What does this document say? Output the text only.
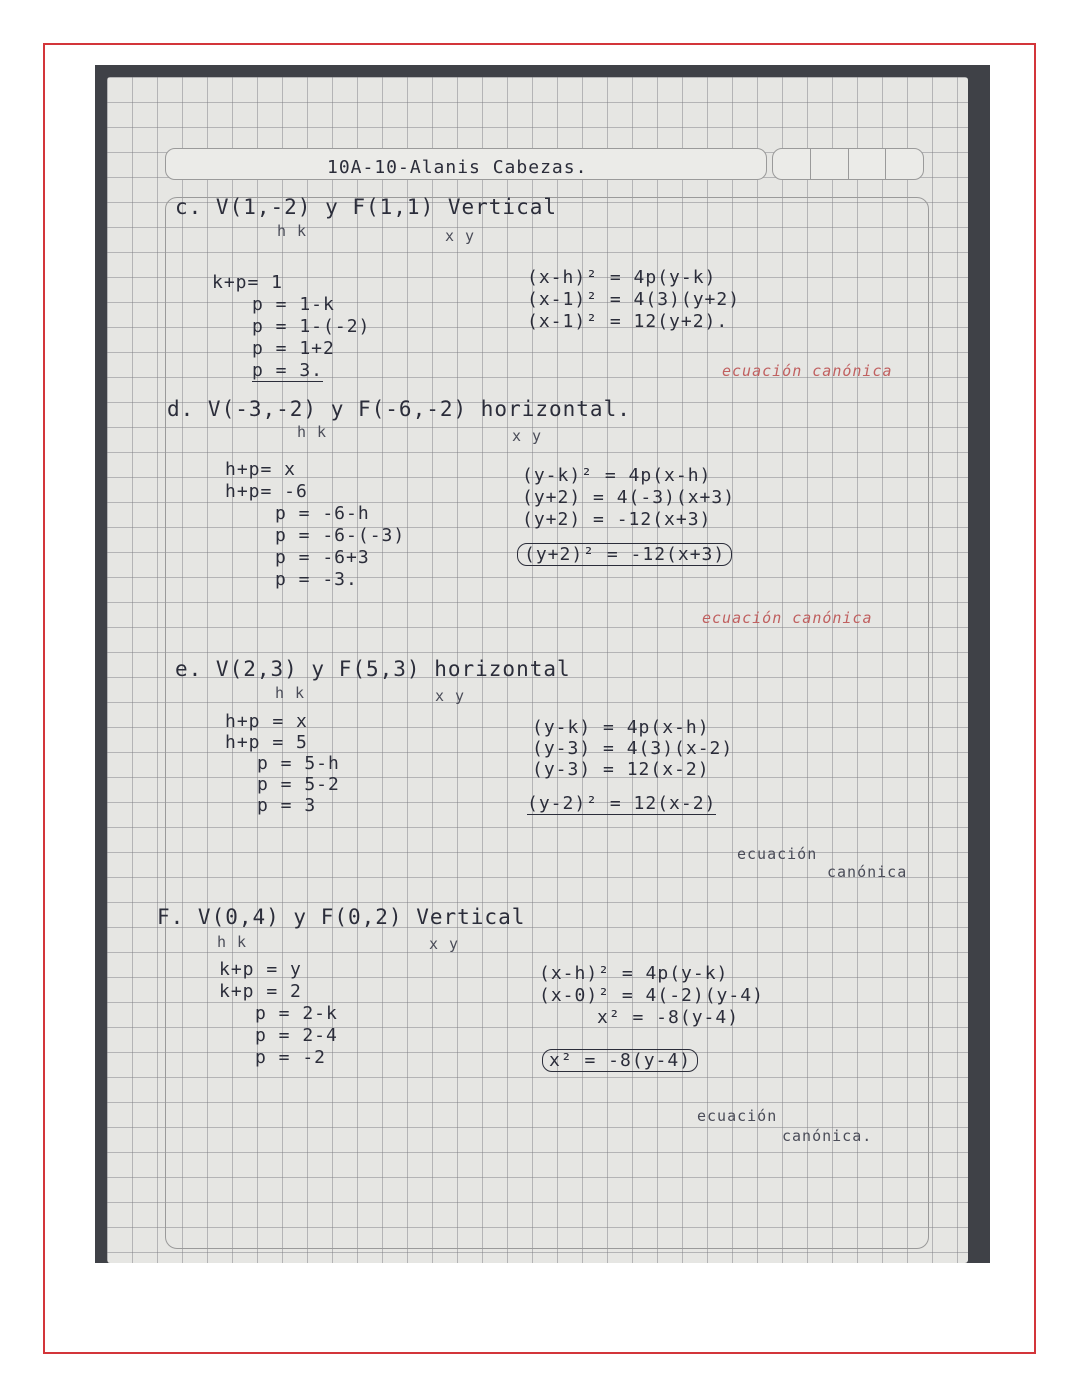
10A-10-Alanis Cabezas.
c. V(1,-2) y F(1,1) Vertical
h k	x y
k+p= 1
p = 1-k
p = 1-(-2)
p = 1+2
p = 3.
(x-h)² = 4p(y-k)
(x-1)² = 4(3)(y+2)
(x-1)² = 12(y+2).
ecuación canónica
d. V(-3,-2) y F(-6,-2) horizontal.
h k	x y
h+p= x
h+p= -6
p = -6-h
p = -6-(-3)
p = -6+3
p = -3.
(y-k)² = 4p(x-h)
(y+2) = 4(-3)(x+3)
(y+2) = -12(x+3)
(y+2)² = -12(x+3)
ecuación canónica
e. V(2,3) y F(5,3) horizontal
h k	x y
h+p = x
h+p = 5
p = 5-h
p = 5-2
p = 3
(y-k) = 4p(x-h)
(y-3) = 4(3)(x-2)
(y-3) = 12(x-2)
(y-2)² = 12(x-2)
ecuación
canónica
F. V(0,4) y F(0,2) Vertical
h k	x y
k+p = y
k+p = 2
p = 2-k
p = 2-4
p = -2
(x-h)² = 4p(y-k)
(x-0)² = 4(-2)(y-4)
x² = -8(y-4)
x² = -8(y-4)
ecuación
canónica.
